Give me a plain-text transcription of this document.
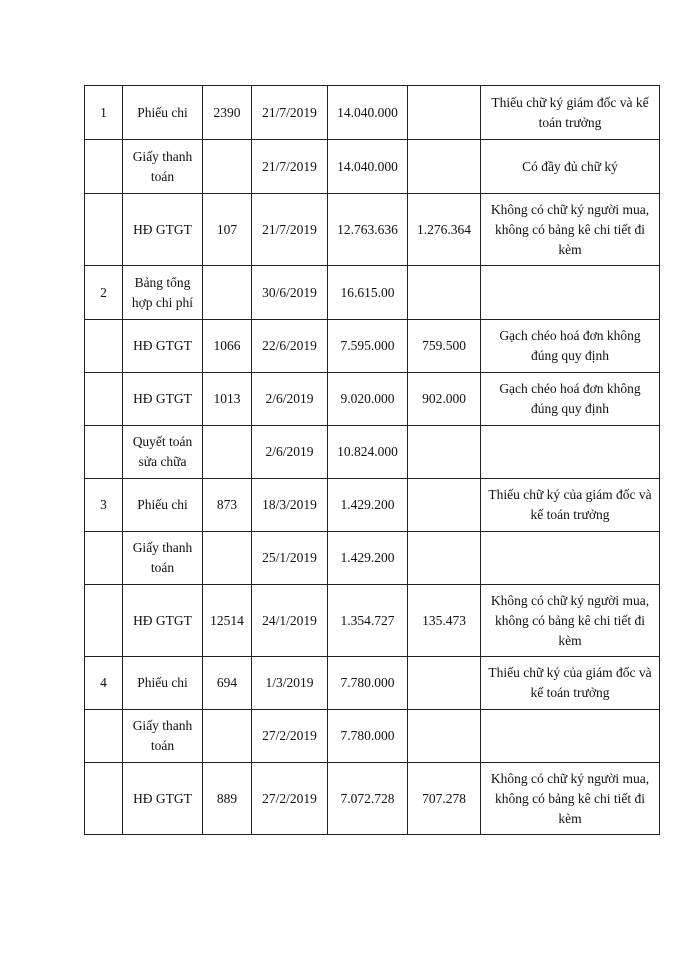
1	Phiếu chi	2390	21/7/2019	14.040.000		Thiếu chữ ký giám đốc và kế toán trưởng
	Giấy thanh toán		21/7/2019	14.040.000		Có đầy đủ chữ ký
	HĐ GTGT	107	21/7/2019	12.763.636	1.276.364	Không có chữ ký người mua, không có bảng kê chi tiết đi kèm
2	Bảng tổng hợp chi phí		30/6/2019	16.615.00		
	HĐ GTGT	1066	22/6/2019	7.595.000	759.500	Gạch chéo hoá đơn không đúng quy định
	HĐ GTGT	1013	2/6/2019	9.020.000	902.000	Gạch chéo hoá đơn không đúng quy định
	Quyết toán sửa chữa		2/6/2019	10.824.000		
3	Phiếu chi	873	18/3/2019	1.429.200		Thiếu chữ ký của giám đốc và kế toán trưởng
	Giấy thanh toán		25/1/2019	1.429.200		
	HĐ GTGT	12514	24/1/2019	1.354.727	135.473	Không có chữ ký người mua, không có bảng kê chi tiết đi kèm
4	Phiếu chi	694	1/3/2019	7.780.000		Thiếu chữ ký của giám đốc và kế toán trưởng
	Giấy thanh toán		27/2/2019	7.780.000		
	HĐ GTGT	889	27/2/2019	7.072.728	707.278	Không có chữ ký người mua, không có bảng kê chi tiết đi kèm
